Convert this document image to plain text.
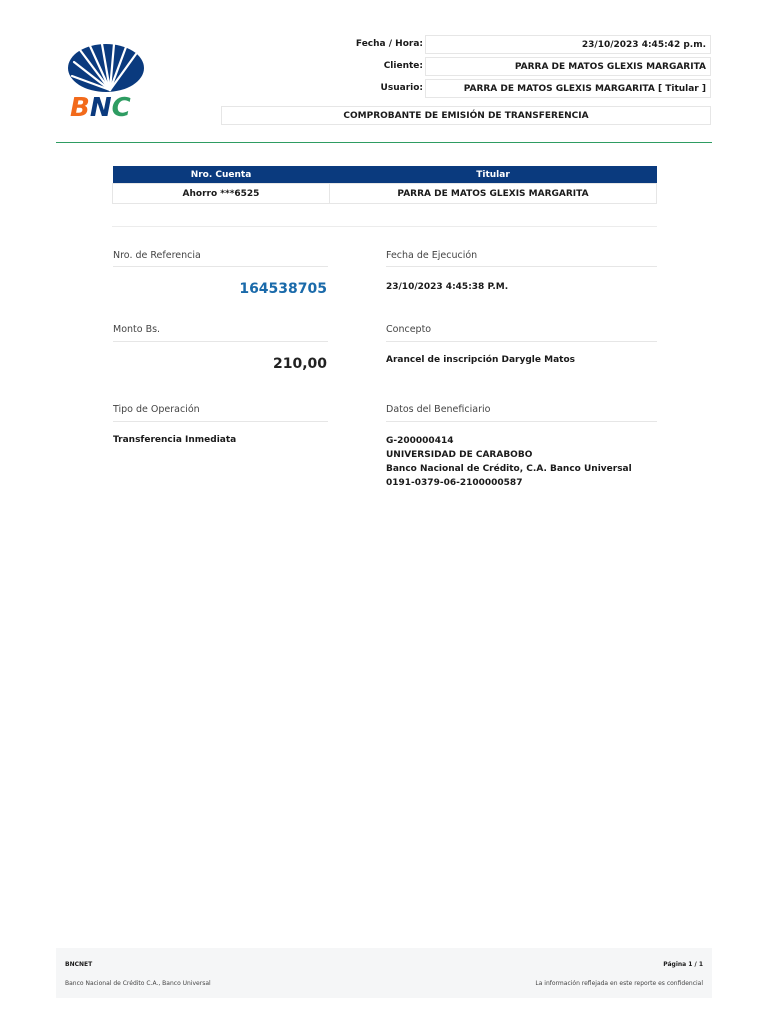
BNC
Fecha / Hora:	23/10/2023 4:45:42 p.m.
Cliente:	PARRA DE MATOS GLEXIS MARGARITA
Usuario:	PARRA DE MATOS GLEXIS MARGARITA [ Titular ]
COMPROBANTE DE EMISIÓN DE TRANSFERENCIA
Nro. Cuenta	Titular
Ahorro ***6525	PARRA DE MATOS GLEXIS MARGARITA
Nro. de Referencia
164538705
Fecha de Ejecución
23/10/2023 4:45:38 P.M.
Monto Bs.
210,00
Concepto
Arancel de inscripción Darygle Matos
Tipo de Operación
Transferencia Inmediata
Datos del Beneficiario
G-200000414
UNIVERSIDAD DE CARABOBO
Banco Nacional de Crédito, C.A. Banco Universal
0191-0379-06-2100000587
BNCNET
Banco Nacional de Crédito C.A., Banco Universal
Página 1 / 1
La información reflejada en este reporte es confidencial
